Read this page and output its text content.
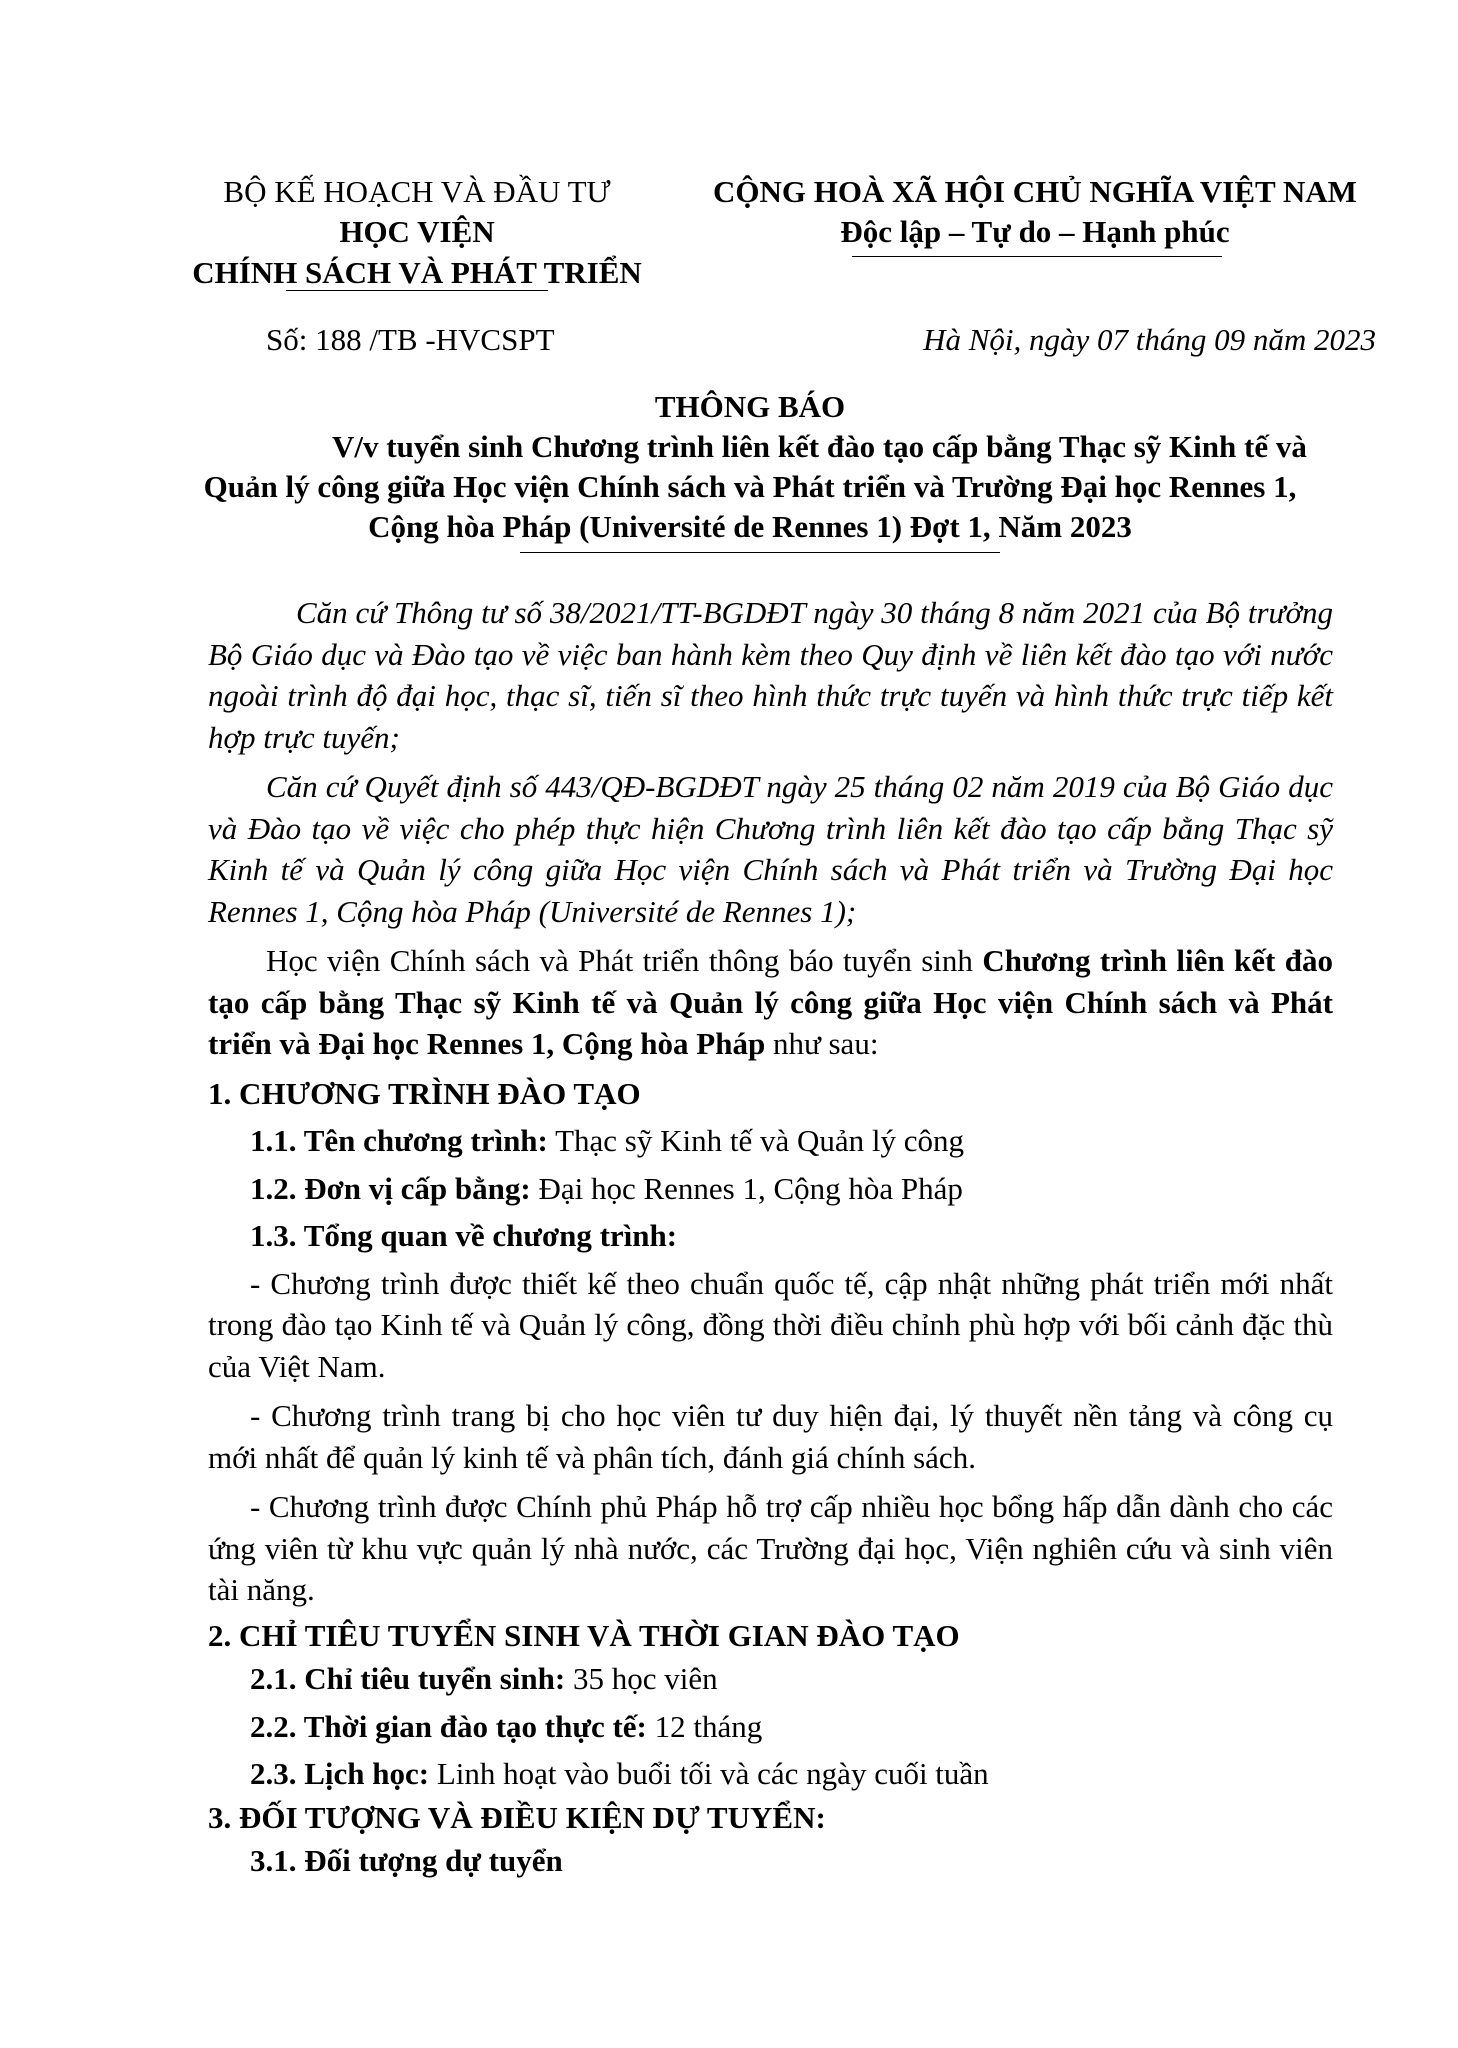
BỘ KẾ HOẠCH VÀ ĐẦU TƯ
HỌC VIỆN
CHÍNH SÁCH VÀ PHÁT TRIỂN
CỘNG HOÀ XÃ HỘI CHỦ NGHĨA VIỆT NAM
Độc lập – Tự do – Hạnh phúc
Số: 188 /TB -HVCSPT	Hà Nội, ngày 07 tháng 09 năm 2023
THÔNG BÁO
V/v tuyển sinh Chương trình liên kết đào tạo cấp bằng Thạc sỹ Kinh tế và
Quản lý công giữa Học viện Chính sách và Phát triển và Trường Đại học Rennes 1,
Cộng hòa Pháp (Université de Rennes 1) Đợt 1, Năm 2023

Căn cứ Thông tư số 38/2021/TT-BGDĐT ngày 30 tháng 8 năm 2021 của Bộ trưởng Bộ Giáo dục và Đào tạo về việc ban hành kèm theo Quy định về liên kết đào tạo với nước ngoài trình độ đại học, thạc sĩ, tiến sĩ theo hình thức trực tuyến và hình thức trực tiếp kết hợp trực tuyến;

Căn cứ Quyết định số 443/QĐ-BGDĐT ngày 25 tháng 02 năm 2019 của Bộ Giáo dục và Đào tạo về việc cho phép thực hiện Chương trình liên kết đào tạo cấp bằng Thạc sỹ Kinh tế và Quản lý công giữa Học viện Chính sách và Phát triển và Trường Đại học Rennes 1, Cộng hòa Pháp (Université de Rennes 1);

Học viện Chính sách và Phát triển thông báo tuyển sinh Chương trình liên kết đào tạo cấp bằng Thạc sỹ Kinh tế và Quản lý công giữa Học viện Chính sách và Phát triển và Đại học Rennes 1, Cộng hòa Pháp như sau:

1. CHƯƠNG TRÌNH ĐÀO TẠO
1.1. Tên chương trình: Thạc sỹ Kinh tế và Quản lý công
1.2. Đơn vị cấp bằng: Đại học Rennes 1, Cộng hòa Pháp
1.3. Tổng quan về chương trình:

- Chương trình được thiết kế theo chuẩn quốc tế, cập nhật những phát triển mới nhất trong đào tạo Kinh tế và Quản lý công, đồng thời điều chỉnh phù hợp với bối cảnh đặc thù của Việt Nam.

- Chương trình trang bị cho học viên tư duy hiện đại, lý thuyết nền tảng và công cụ mới nhất để quản lý kinh tế và phân tích, đánh giá chính sách.

- Chương trình được Chính phủ Pháp hỗ trợ cấp nhiều học bổng hấp dẫn dành cho các ứng viên từ khu vực quản lý nhà nước, các Trường đại học, Viện nghiên cứu và sinh viên tài năng.

2. CHỈ TIÊU TUYỂN SINH VÀ THỜI GIAN ĐÀO TẠO
2.1. Chỉ tiêu tuyển sinh: 35 học viên
2.2. Thời gian đào tạo thực tế: 12 tháng
2.3. Lịch học: Linh hoạt vào buổi tối và các ngày cuối tuần
3. ĐỐI TƯỢNG VÀ ĐIỀU KIỆN DỰ TUYỂN:
3.1. Đối tượng dự tuyển
